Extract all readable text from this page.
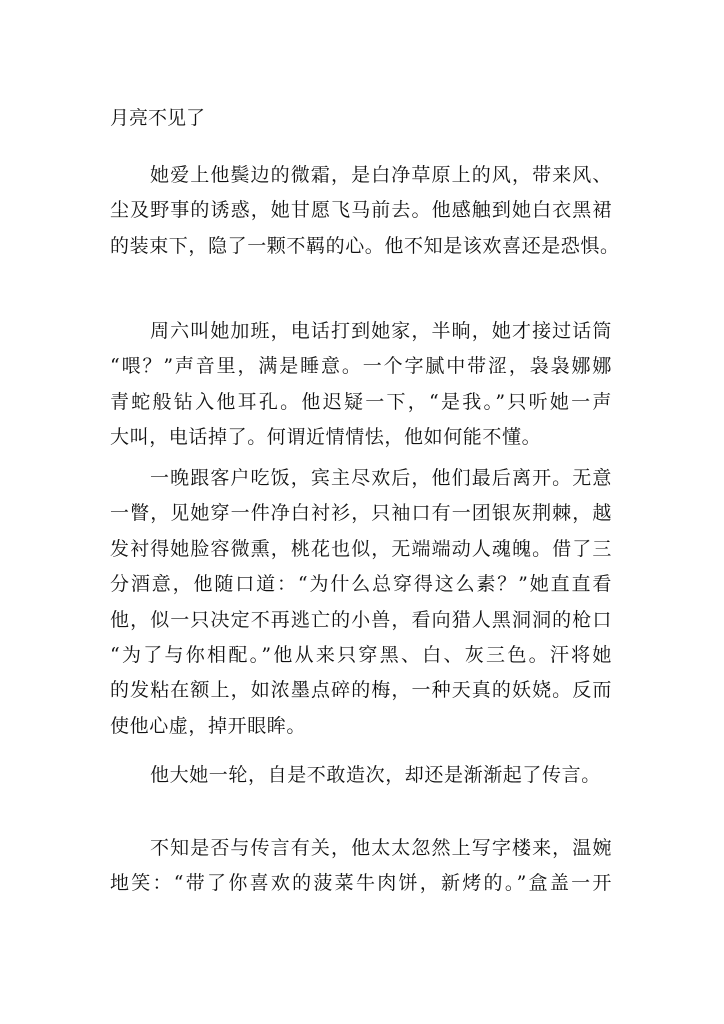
月亮不见了
她爱上他鬓边的微霜，是白净草原上的风，带来风、
尘及野事的诱惑，她甘愿飞马前去。他感触到她白衣黑裙
的装束下，隐了一颗不羁的心。他不知是该欢喜还是恐惧。
周六叫她加班，电话打到她家，半晌，她才接过话筒
“喂？”声音里，满是睡意。一个字腻中带涩，袅袅娜娜
青蛇般钻入他耳孔。他迟疑一下，“是我。”只听她一声
大叫，电话掉了。何谓近情情怯，他如何能不懂。
一晚跟客户吃饭，宾主尽欢后，他们最后离开。无意
一瞥，见她穿一件净白衬衫，只袖口有一团银灰荆棘，越
发衬得她脸容微熏，桃花也似，无端端动人魂魄。借了三
分酒意，他随口道：“为什么总穿得这么素？”她直直看
他，似一只决定不再逃亡的小兽，看向猎人黑洞洞的枪口
“为了与你相配。”他从来只穿黑、白、灰三色。汗将她
的发粘在额上，如浓墨点碎的梅，一种天真的妖娆。反而
使他心虚，掉开眼眸。
他大她一轮，自是不敢造次，却还是渐渐起了传言。
不知是否与传言有关，他太太忽然上写字楼来，温婉
地笑：“带了你喜欢的菠菜牛肉饼，新烤的。”盒盖一开
